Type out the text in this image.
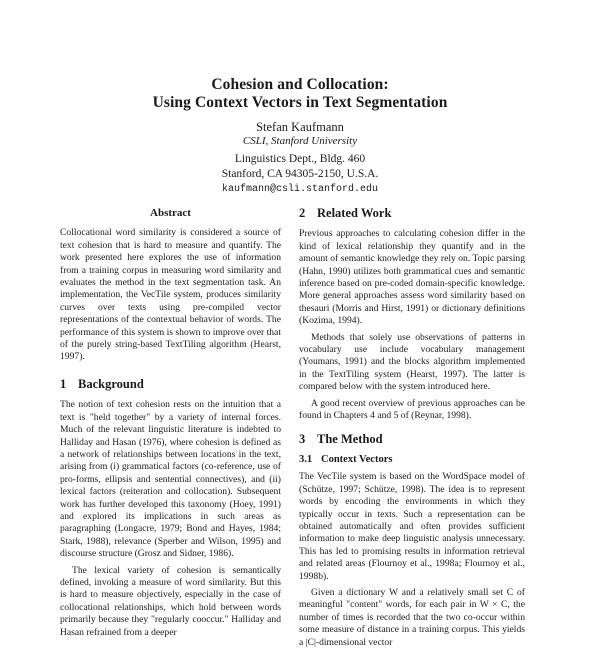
Cohesion and Collocation:
Using Context Vectors in Text Segmentation
Stefan Kaufmann
CSLI, Stanford University
Linguistics Dept., Bldg. 460
Stanford, CA 94305-2150, U.S.A.
kaufmann@csli.stanford.edu
Abstract

Collocational word similarity is considered a source of text cohesion that is hard to measure and quantify. The work presented here explores the use of information from a training corpus in measuring word similarity and evaluates the method in the text segmentation task. An implementation, the VecTile system, produces similarity curves over texts using pre-compiled vector representations of the contextual behavior of words. The performance of this system is shown to improve over that of the purely string-based TextTiling algorithm (Hearst, 1997).

1 Background

The notion of text cohesion rests on the intuition that a text is "held together" by a variety of internal forces. Much of the relevant linguistic literature is indebted to Halliday and Hasan (1976), where cohesion is defined as a network of relationships between locations in the text, arising from (i) grammatical factors (co-reference, use of pro-forms, ellipsis and sentential connectives), and (ii) lexical factors (reiteration and collocation). Subsequent work has further developed this taxonomy (Hoey, 1991) and explored its implications in such areas as paragraphing (Longacre, 1979; Bond and Hayes, 1984; Stark, 1988), relevance (Sperber and Wilson, 1995) and discourse structure (Grosz and Sidner, 1986).

The lexical variety of cohesion is semantically defined, invoking a measure of word similarity. But this is hard to measure objectively, especially in the case of collocational relationships, which hold between words primarily because they "regularly cooccur." Halliday and Hasan refrained from a deeper

2 Related Work

Previous approaches to calculating cohesion differ in the kind of lexical relationship they quantify and in the amount of semantic knowledge they rely on. Topic parsing (Hahn, 1990) utilizes both grammatical cues and semantic inference based on pre-coded domain-specific knowledge. More general approaches assess word similarity based on thesauri (Morris and Hirst, 1991) or dictionary definitions (Kozima, 1994).

Methods that solely use observations of patterns in vocabulary use include vocabulary management (Youmans, 1991) and the blocks algorithm implemented in the TextTiling system (Hearst, 1997). The latter is compared below with the system introduced here.

A good recent overview of previous approaches can be found in Chapters 4 and 5 of (Reynar, 1998).

3 The Method
3.1 Context Vectors

The VecTile system is based on the WordSpace model of (Schütze, 1997; Schütze, 1998). The idea is to represent words by encoding the environments in which they typically occur in texts. Such a representation can be obtained automatically and often provides sufficient information to make deep linguistic analysis unnecessary. This has led to promising results in information retrieval and related areas (Flournoy et al., 1998a; Flournoy et al., 1998b).

Given a dictionary W and a relatively small set C of meaningful "content" words, for each pair in W × C, the number of times is recorded that the two co-occur within some measure of distance in a training corpus. This yields a |C|-dimensional vector
